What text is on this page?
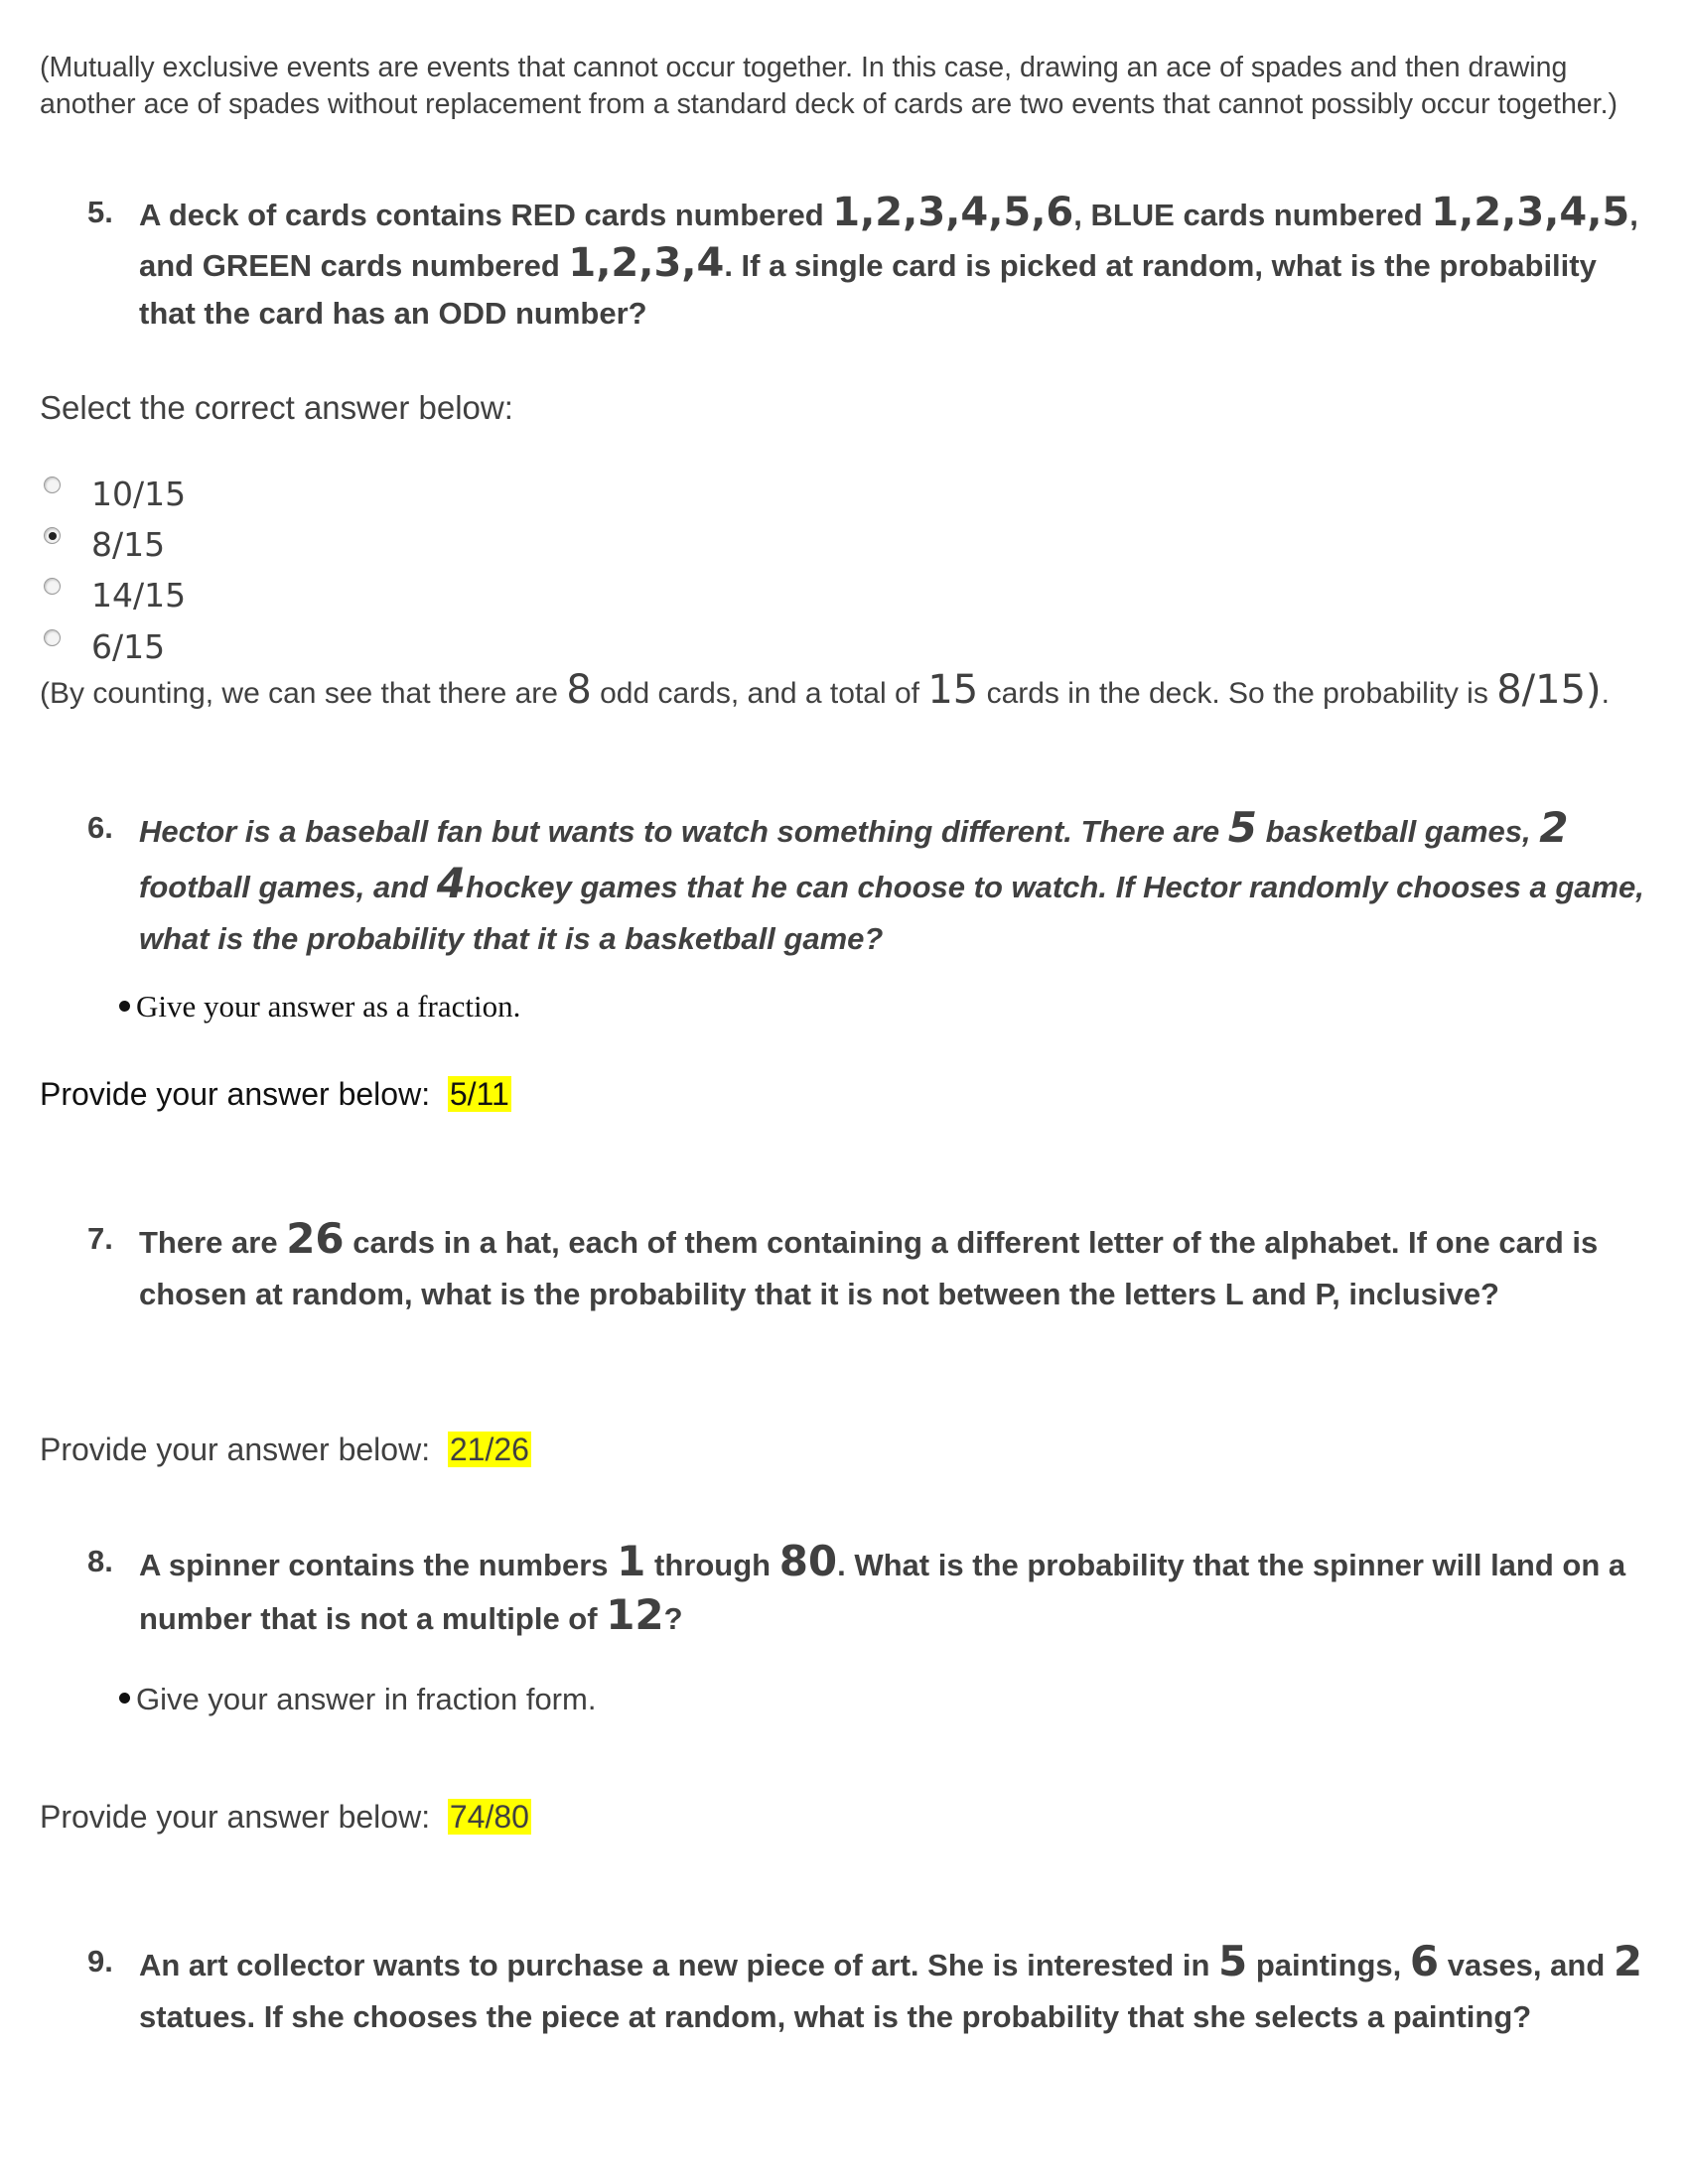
(Mutually exclusive events are events that cannot occur together. In this case, drawing an ace of spades and then drawing another ace of spades without replacement from a standard deck of cards are two events that cannot possibly occur together.)
5. A deck of cards contains RED cards numbered 1,2,3,4,5,6, BLUE cards numbered 1,2,3,4,5, and GREEN cards numbered 1,2,3,4. If a single card is picked at random, what is the probability that the card has an ODD number?
Select the correct answer below:
10/15
8/15
14/15
6/15
(By counting, we can see that there are 8 odd cards, and a total of 15 cards in the deck. So the probability is 8/15).
6. Hector is a baseball fan but wants to watch something different. There are 5 basketball games, 2 football games, and 4hockey games that he can choose to watch. If Hector randomly chooses a game, what is the probability that it is a basketball game?
Give your answer as a fraction.
Provide your answer below: 5/11
7. There are 26 cards in a hat, each of them containing a different letter of the alphabet. If one card is chosen at random, what is the probability that it is not between the letters L and P, inclusive?
Provide your answer below: 21/26
8. A spinner contains the numbers 1 through 80. What is the probability that the spinner will land on a number that is not a multiple of 12?
Give your answer in fraction form.
Provide your answer below: 74/80
9. An art collector wants to purchase a new piece of art. She is interested in 5 paintings, 6 vases, and 2 statues. If she chooses the piece at random, what is the probability that she selects a painting?
